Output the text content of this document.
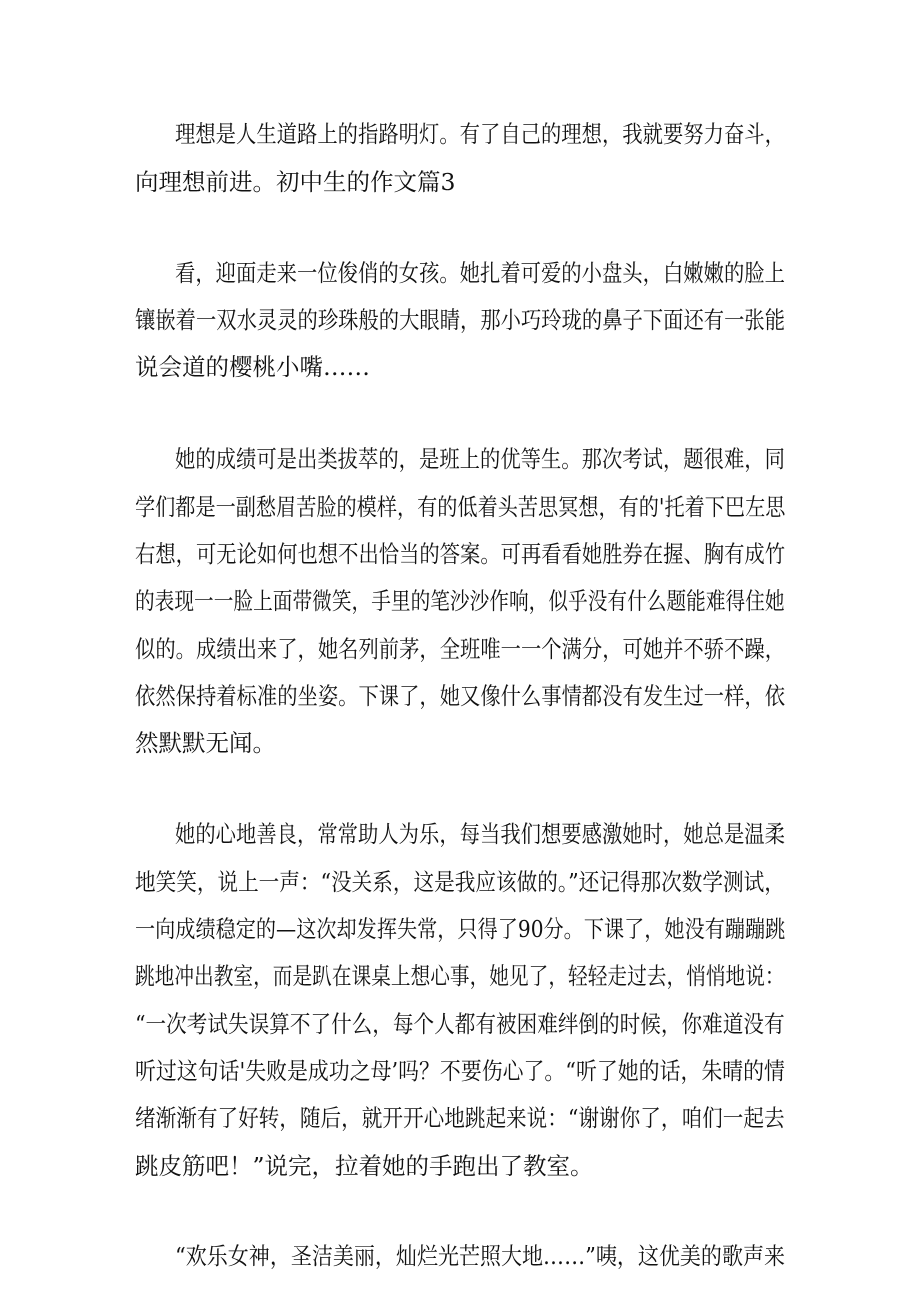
理想是人生道路上的指路明灯。有了自己的理想，我就要努力奋斗，
向理想前进。初中生的作文篇3
看，迎面走来一位俊俏的女孩。她扎着可爱的小盘头，白嫩嫩的脸上
镶嵌着一双水灵灵的珍珠般的大眼睛，那小巧玲珑的鼻子下面还有一张能
说会道的樱桃小嘴……
她的成绩可是出类拔萃的，是班上的优等生。那次考试，题很难，同
学们都是一副愁眉苦脸的模样，有的低着头苦思冥想，有的'托着下巴左思
右想，可无论如何也想不出恰当的答案。可再看看她胜券在握、胸有成竹
的表现一一脸上面带微笑，手里的笔沙沙作响，似乎没有什么题能难得住她
似的。成绩出来了，她名列前茅，全班唯一一个满分，可她并不骄不躁，
依然保持着标准的坐姿。下课了，她又像什么事情都没有发生过一样，依
然默默无闻。
她的心地善良，常常助人为乐，每当我们想要感激她时，她总是温柔
地笑笑，说上一声：“没关系，这是我应该做的。”还记得那次数学测试，
一向成绩稳定的—这次却发挥失常，只得了90分。下课了，她没有蹦蹦跳
跳地冲出教室，而是趴在课桌上想心事，她见了，轻轻走过去，悄悄地说：
“一次考试失误算不了什么，每个人都有被困难绊倒的时候，你难道没有
听过这句话'失败是成功之母’吗？不要伤心了。“听了她的话，朱晴的情
绪渐渐有了好转，随后，就开开心地跳起来说：“谢谢你了，咱们一起去
跳皮筋吧！”说完，拉着她的手跑出了教室。
“欢乐女神，圣洁美丽，灿烂光芒照大地……”咦，这优美的歌声来
